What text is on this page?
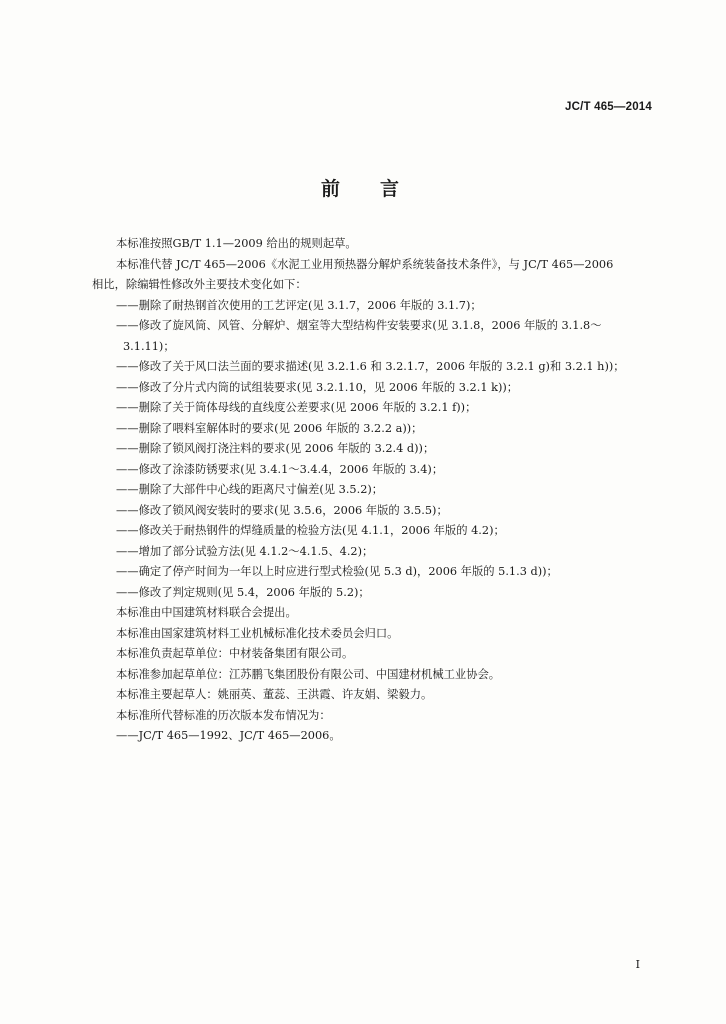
JC/T 465—2014
前 言
本标准按照GB/T 1.1—2009 给出的规则起草。
本标准代替 JC/T 465—2006《水泥工业用预热器分解炉系统装备技术条件》，与 JC/T 465—2006
相比，除编辑性修改外主要技术变化如下：
——删除了耐热钢首次使用的工艺评定(见 3.1.7，2006 年版的 3.1.7)；
——修改了旋风筒、风管、分解炉、烟室等大型结构件安装要求(见 3.1.8，2006 年版的 3.1.8～
3.1.11)；
——修改了关于风口法兰面的要求描述(见 3.2.1.6 和 3.2.1.7，2006 年版的 3.2.1 g)和 3.2.1 h))；
——修改了分片式内筒的试组装要求(见 3.2.1.10，见 2006 年版的 3.2.1 k))；
——删除了关于筒体母线的直线度公差要求(见 2006 年版的 3.2.1 f))；
——删除了喂料室解体时的要求(见 2006 年版的 3.2.2 a))；
——删除了锁风阀打浇注料的要求(见 2006 年版的 3.2.4 d))；
——修改了涂漆防锈要求(见 3.4.1～3.4.4，2006 年版的 3.4)；
——删除了大部件中心线的距离尺寸偏差(见 3.5.2)；
——修改了锁风阀安装时的要求(见 3.5.6，2006 年版的 3.5.5)；
——修改关于耐热钢件的焊缝质量的检验方法(见 4.1.1，2006 年版的 4.2)；
——增加了部分试验方法(见 4.1.2～4.1.5、4.2)；
——确定了停产时间为一年以上时应进行型式检验(见 5.3 d)，2006 年版的 5.1.3 d))；
——修改了判定规则(见 5.4，2006 年版的 5.2)；
本标准由中国建筑材料联合会提出。
本标准由国家建筑材料工业机械标准化技术委员会归口。
本标准负责起草单位：中材装备集团有限公司。
本标准参加起草单位：江苏鹏飞集团股份有限公司、中国建材机械工业协会。
本标准主要起草人：姚丽英、董蕊、王洪霞、许友娟、梁毅力。
本标准所代替标准的历次版本发布情况为：
——JC/T 465—1992、JC/T 465—2006。
I
